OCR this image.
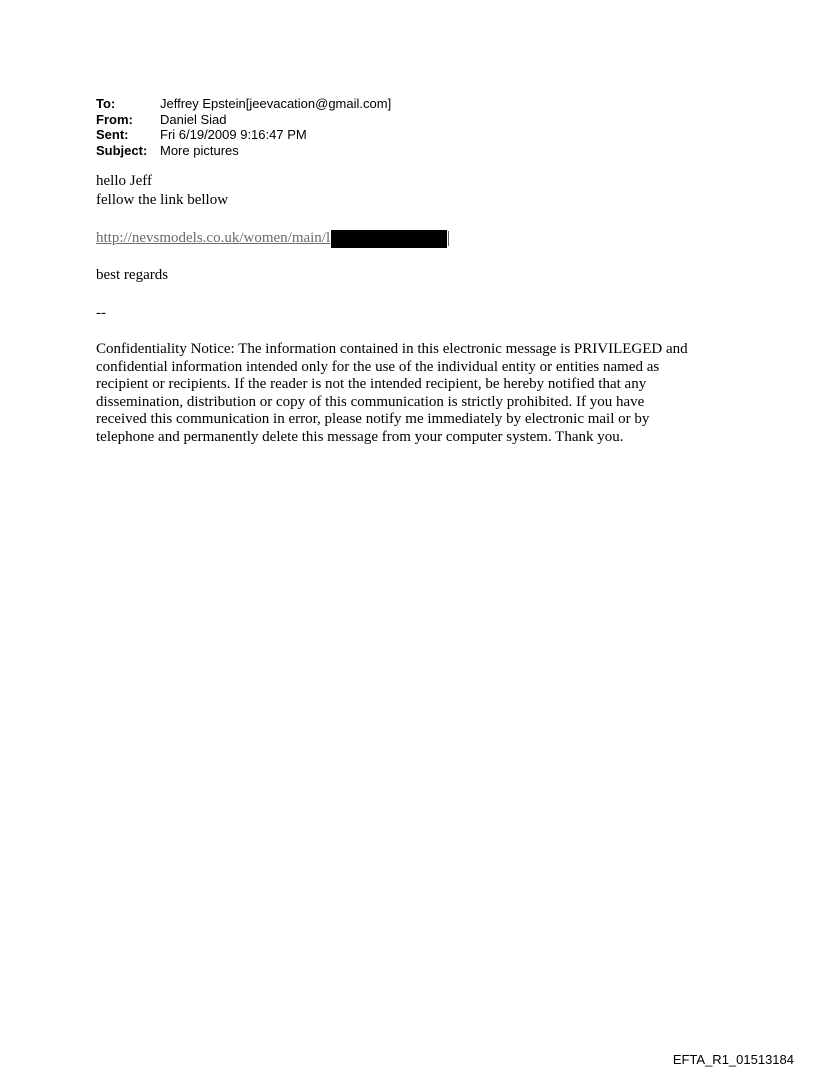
To:	Jeffrey Epstein[jeevacation@gmail.com]
From:	Daniel Siad
Sent:	Fri 6/19/2009 9:16:47 PM
Subject: More pictures
hello Jeff
fellow the link bellow
http://nevsmodels.co.uk/women/main/l
best regards
--
Confidentiality Notice: The information contained in this electronic message is PRIVILEGED and
confidential information intended only for the use of the individual entity or entities named as
recipient or recipients. If the reader is not the intended recipient, be hereby notified that any
dissemination, distribution or copy of this communication is strictly prohibited. If you have
received this communication in error, please notify me immediately by electronic mail or by
telephone and permanently delete this message from your computer system. Thank you.
EFTA_R1_01513184
